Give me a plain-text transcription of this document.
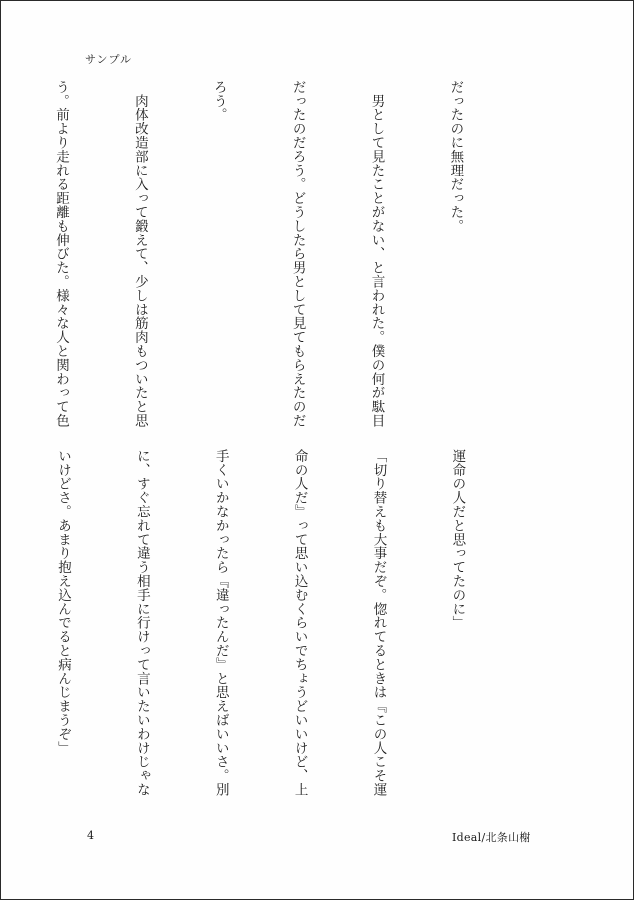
サンプル

だったのに無理だった。

　男として見たことがない、と言われた。僕の何が駄目

だったのだろう。どうしたら男として見てもらえたのだ

ろう。

　肉体改造部に入って鍛えて、少しは筋肉もついたと思

う。前より走れる距離も伸びた。様々な人と関わって色

運命の人だと思ってたのに」

「切り替えも大事だぞ。惚れてるときは『この人こそ運

命の人だ』って思い込むくらいでちょうどいいけど、上

手くいかなかったら『違ったんだ』と思えばいいさ。別

に、すぐ忘れて違う相手に行けって言いたいわけじゃな

いけどさ。あまり抱え込んでると病んじまうぞ」

4	Ideal/北条山榭
